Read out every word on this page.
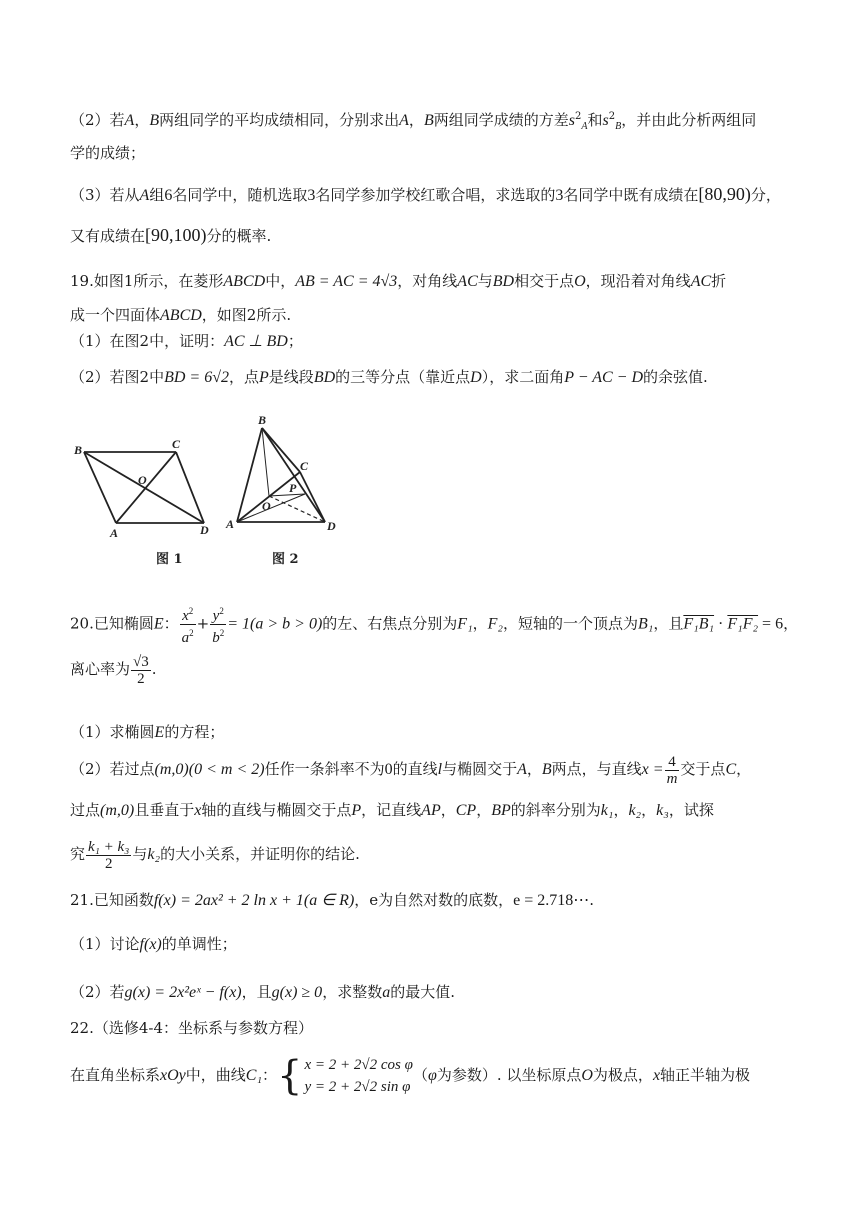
（2）若A，B两组同学的平均成绩相同，分别求出A，B两组同学成绩的方差$s^2_A$和$s^2_B$，并由此分析两组同
学的成绩；
（3）若从A组6名同学中，随机选取3名同学参加学校红歌合唱，求选取的3名同学中既有成绩在[80,90)分，
又有成绩在[90,100)分的概率.
19.如图1所示，在菱形ABCD中，AB = AC = 4√3，对角线AC与BD相交于点O，现沿着对角线AC折
成一个四面体ABCD，如图2所示.
（1）在图2中，证明：AC ⊥ BD；
（2）若图2中BD = 6√2，点P是线段BD的三等分点（靠近点D），求二面角P − AC − D的余弦值.
B	C
O
A	D
B
C
P
O
A	D
图 1	图 2
20.已知椭圆E： $\frac{x^2}{a^2} + \frac{y^2}{b^2} = 1(a > b > 0)$的左、右焦点分别为F₁，F₂，短轴的一个顶点为B₁，且F₁B₁ · F₁F₂ = 6，
离心率为 $\frac{√3}{2}$ .
（1）求椭圆E的方程；
（2）若过点(m,0)(0 < m < 2)任作一条斜率不为0的直线l与椭圆交于A，B两点，与直线$x = \frac{4}{m}$ 交于点C，
过点(m,0)且垂直于x轴的直线与椭圆交于点P，记直线AP，CP，BP的斜率分别为k₁，k₂，k₃，试探
究 $\frac{\text{k₁ + k₃}}{2}$ 与k₂的大小关系，并证明你的结论.
21.已知函数f(x) = 2ax² + 2 ln x + 1(a ∈ R)，e为自然对数的底数，e = 2.718⋯.
（1）讨论f(x)的单调性；
（2）若g(x) = 2x²eˣ − f(x)，且g(x) ≥ 0，求整数a的最大值.
22.（选修4-4：坐标系与参数方程）
在直角坐标系xOy中，曲线C₁：{ x = 2 + 2√2 cos φ
y = 2 + 2√2 sin φ
（φ为参数）. 以坐标原点O为极点，x轴正半轴为极
